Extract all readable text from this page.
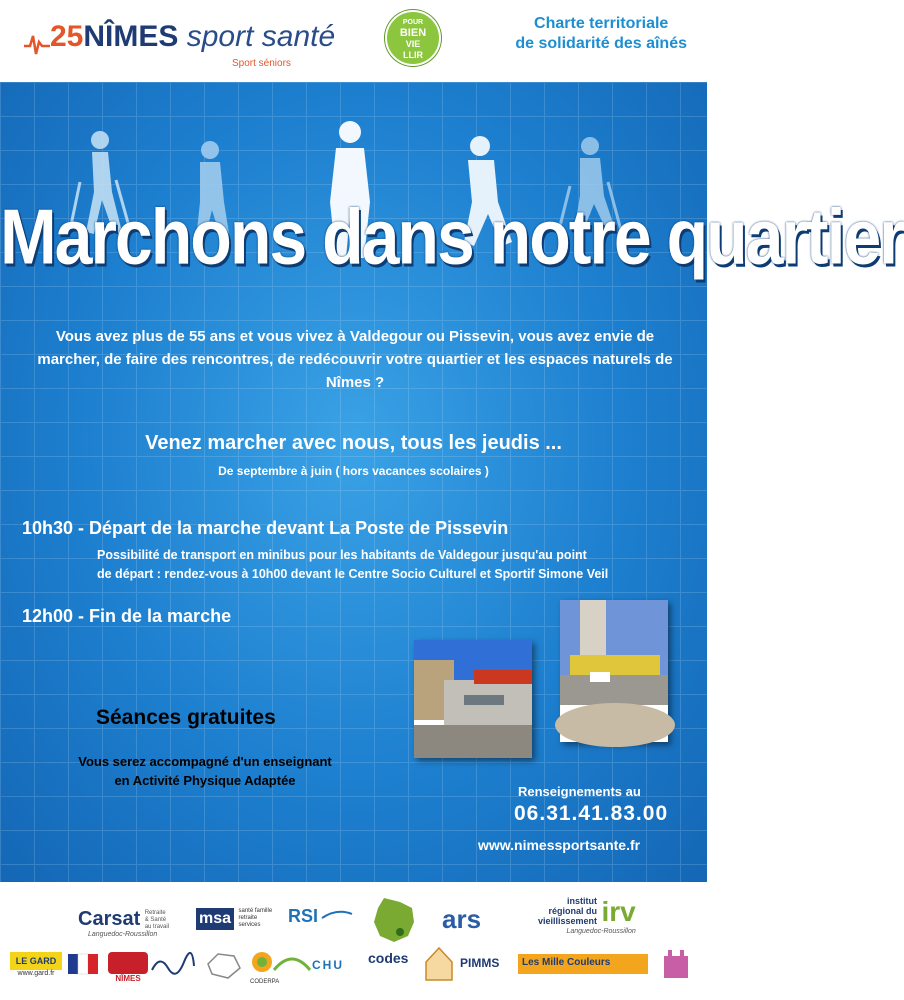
25NÎMES sport santé
Sport séniors
POUR
BIEN
VIE
LLIR
Charte territoriale
de solidarité des aînés
Marchons dans notre quartier
Vous avez plus de 55 ans et vous vivez à Valdegour ou Pissevin, vous avez envie de marcher, de faire des rencontres, de redécouvrir votre quartier et les espaces naturels de Nîmes ?
Venez marcher avec nous, tous les jeudis ...
De septembre à juin ( hors vacances scolaires )
10h30 - Départ de la marche devant La Poste de Pissevin
Possibilité de transport en minibus pour les habitants de Valdegour jusqu'au point
de départ : rendez-vous à 10h00 devant le Centre Socio Culturel et Sportif Simone Veil
12h00 - Fin de la marche
Séances gratuites
Vous serez accompagné d'un enseignant
en Activité Physique Adaptée
Renseignements au
06.31.41.83.00
www.nimessportsante.fr
Carsat Retraite
& Santé
au travail
Languedoc-Roussillon
msa santé famille retraite services	RSI	ars
institut
régional du
vieillissement irv
Languedoc-Roussillon
LE GARD
www.gard.fr
NÎMES	CODERPA
CHU codes	PIMMS	Les Mille Couleurs
